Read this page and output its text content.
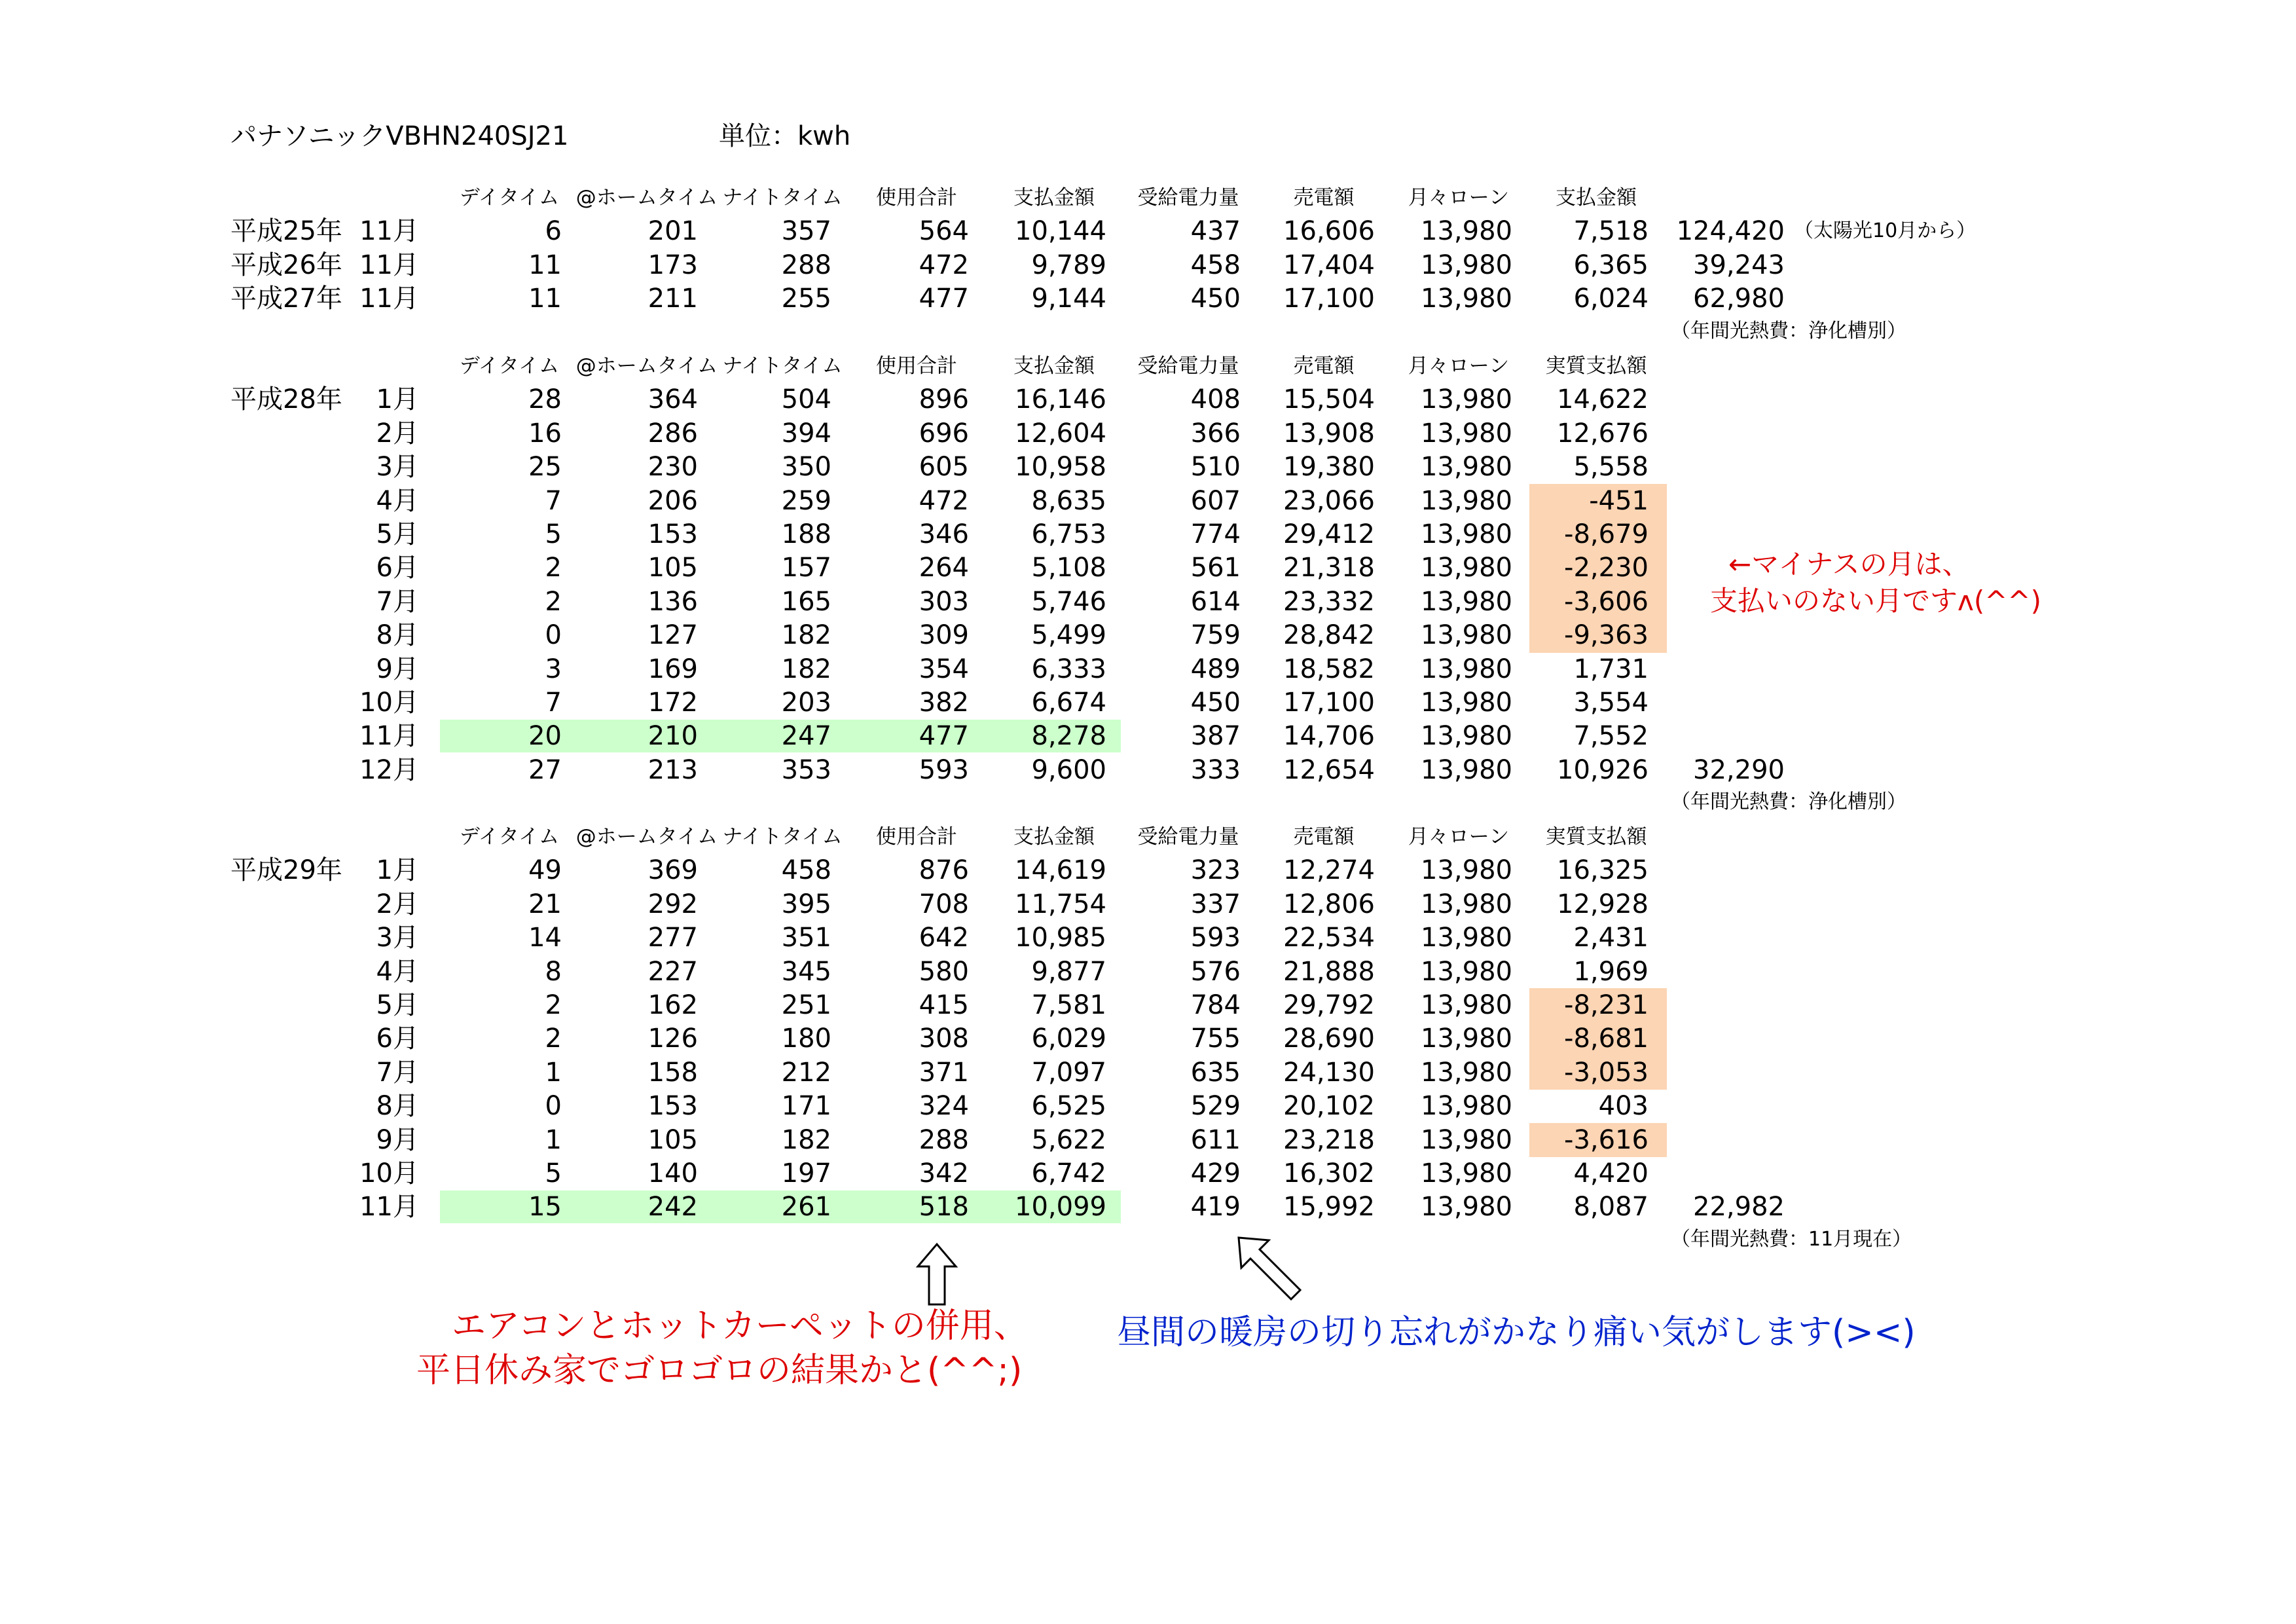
パナソニックVBHN240SJ21	単位：kwh
デイタイム @ホームタイム ナイトタイム	使用合計	支払金額	受給電力量	売電額	月々ローン	支払金額
平成25年 11月	6	201	357	564	10,144	437	16,606	13,980	7,518	124,420 （太陽光10月から）
平成26年 11月	11	173	288	472	9,789	458	17,404	13,980	6,365	39,243
平成27年 11月	11	211	255	477	9,144	450	17,100	13,980	6,024	62,980
（年間光熱費：浄化槽別）
デイタイム @ホームタイム ナイトタイム	使用合計	支払金額	受給電力量	売電額	月々ローン	実質支払額
平成28年	1月	28	364	504	896	16,146	408	15,504	13,980	14,622
2月	16	286	394	696	12,604	366	13,908	13,980	12,676
3月	25	230	350	605	10,958	510	19,380	13,980	5,558
4月	7	206	259	472	8,635	607	23,066	13,980	-451
5月	5	153	188	346	6,753	774	29,412	13,980	-8,679
6月	2	105	157	264	5,108	561	21,318	13,980	-2,230
7月	2	136	165	303	5,746	614	23,332	13,980	-3,606
8月	0	127	182	309	5,499	759	28,842	13,980	-9,363
9月	3	169	182	354	6,333	489	18,582	13,980	1,731
10月	7	172	203	382	6,674	450	17,100	13,980	3,554
11月	20	210	247	477	8,278	387	14,706	13,980	7,552
12月	27	213	353	593	9,600	333	12,654	13,980	10,926	32,290
（年間光熱費：浄化槽別）
デイタイム @ホームタイム ナイトタイム	使用合計	支払金額	受給電力量	売電額	月々ローン	実質支払額
平成29年	1月	49	369	458	876	14,619	323	12,274	13,980	16,325
2月	21	292	395	708	11,754	337	12,806	13,980	12,928
3月	14	277	351	642	10,985	593	22,534	13,980	2,431
4月	8	227	345	580	9,877	576	21,888	13,980	1,969
5月	2	162	251	415	7,581	784	29,792	13,980	-8,231
6月	2	126	180	308	6,029	755	28,690	13,980	-8,681
7月	1	158	212	371	7,097	635	24,130	13,980	-3,053
8月	0	153	171	324	6,525	529	20,102	13,980	403
9月	1	105	182	288	5,622	611	23,218	13,980	-3,616
10月	5	140	197	342	6,742	429	16,302	13,980	4,420
11月	15	242	261	518	10,099	419	15,992	13,980	8,087	22,982
（年間光熱費：11月現在）
←マイナスの月は、
支払いのない月ですʌ(^^)
エアコンとホットカーペットの併用、
平日休み家でゴロゴロの結果かと(^^;)
昼間の暖房の切り忘れがかなり痛い気がします(><)
